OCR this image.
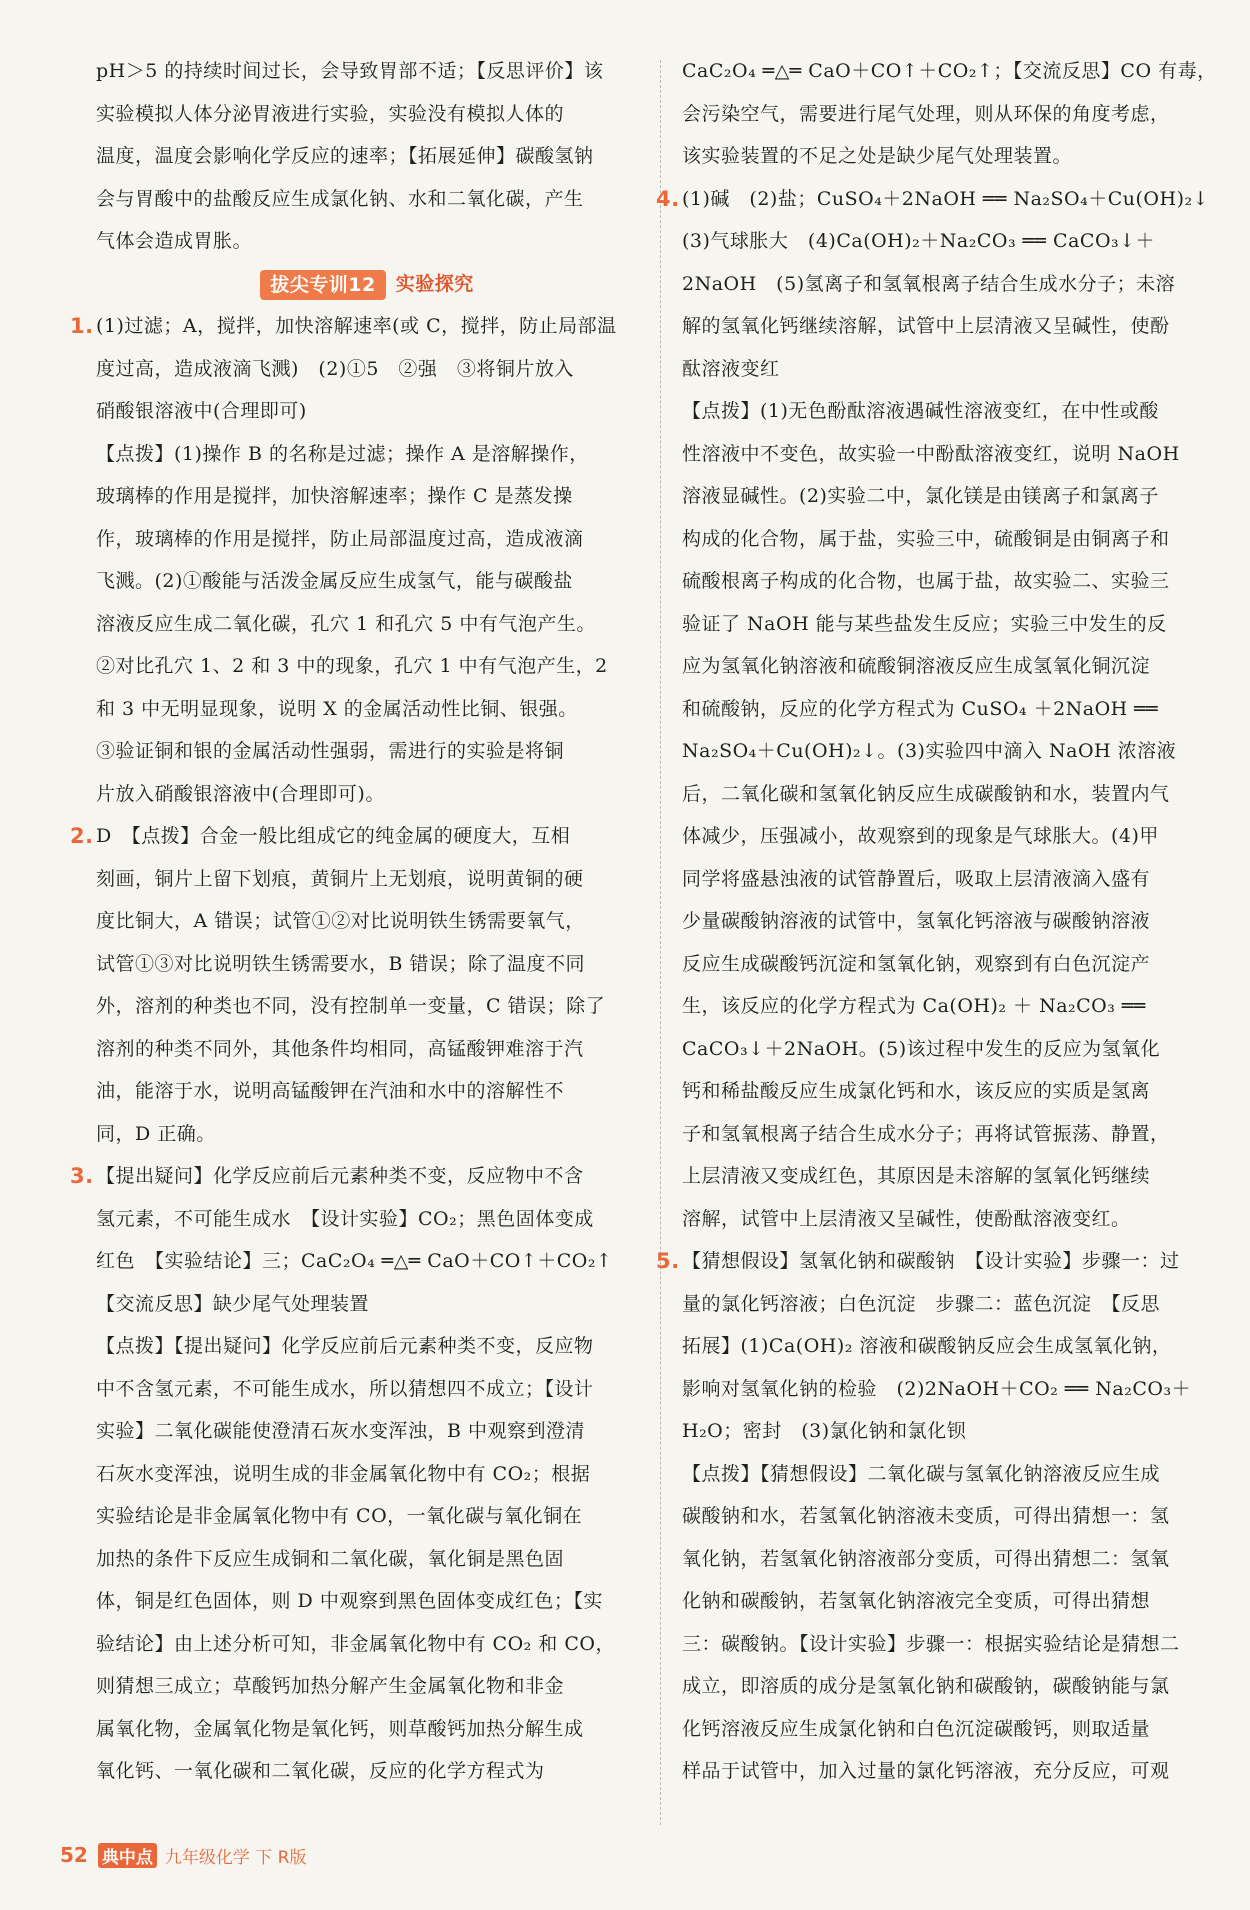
pH＞5 的持续时间过长，会导致胃部不适；【反思评价】该
实验模拟人体分泌胃液进行实验，实验没有模拟人体的
温度，温度会影响化学反应的速率；【拓展延伸】碳酸氢钠
会与胃酸中的盐酸反应生成氯化钠、水和二氧化碳，产生
气体会造成胃胀。
拔尖专训12 实验探究
1. (1)过滤；A，搅拌，加快溶解速率(或 C，搅拌，防止局部温
度过高，造成液滴飞溅)　(2)①5　②强　③将铜片放入
硝酸银溶液中(合理即可)
【点拨】(1)操作 B 的名称是过滤；操作 A 是溶解操作，
玻璃棒的作用是搅拌，加快溶解速率；操作 C 是蒸发操
作，玻璃棒的作用是搅拌，防止局部温度过高，造成液滴
飞溅。(2)①酸能与活泼金属反应生成氢气，能与碳酸盐
溶液反应生成二氧化碳，孔穴 1 和孔穴 5 中有气泡产生。
②对比孔穴 1、2 和 3 中的现象，孔穴 1 中有气泡产生，2
和 3 中无明显现象，说明 X 的金属活动性比铜、银强。
③验证铜和银的金属活动性强弱，需进行的实验是将铜
片放入硝酸银溶液中(合理即可)。
2. D　【点拨】合金一般比组成它的纯金属的硬度大，互相
刻画，铜片上留下划痕，黄铜片上无划痕，说明黄铜的硬
度比铜大，A 错误；试管①②对比说明铁生锈需要氧气，
试管①③对比说明铁生锈需要水，B 错误；除了温度不同
外，溶剂的种类也不同，没有控制单一变量，C 错误；除了
溶剂的种类不同外，其他条件均相同，高锰酸钾难溶于汽
油，能溶于水，说明高锰酸钾在汽油和水中的溶解性不
同，D 正确。
3. 【提出疑问】化学反应前后元素种类不变，反应物中不含
氢元素，不可能生成水　【设计实验】CO₂；黑色固体变成
红色　【实验结论】三；CaC₂O₄ ═△═ CaO＋CO↑＋CO₂↑
【交流反思】缺少尾气处理装置
【点拨】【提出疑问】化学反应前后元素种类不变，反应物
中不含氢元素，不可能生成水，所以猜想四不成立；【设计
实验】二氧化碳能使澄清石灰水变浑浊，B 中观察到澄清
石灰水变浑浊，说明生成的非金属氧化物中有 CO₂；根据
实验结论是非金属氧化物中有 CO，一氧化碳与氧化铜在
加热的条件下反应生成铜和二氧化碳，氧化铜是黑色固
体，铜是红色固体，则 D 中观察到黑色固体变成红色；【实
验结论】由上述分析可知，非金属氧化物中有 CO₂ 和 CO，
则猜想三成立；草酸钙加热分解产生金属氧化物和非金
属氧化物，金属氧化物是氧化钙，则草酸钙加热分解生成
氧化钙、一氧化碳和二氧化碳，反应的化学方程式为
CaC₂O₄ ═△═ CaO＋CO↑＋CO₂↑；【交流反思】CO 有毒，
会污染空气，需要进行尾气处理，则从环保的角度考虑，
该实验装置的不足之处是缺少尾气处理装置。
4. (1)碱　(2)盐；CuSO₄＋2NaOH ══ Na₂SO₄＋Cu(OH)₂↓
(3)气球胀大　(4)Ca(OH)₂＋Na₂CO₃ ══ CaCO₃↓＋
2NaOH　(5)氢离子和氢氧根离子结合生成水分子；未溶
解的氢氧化钙继续溶解，试管中上层清液又呈碱性，使酚
酞溶液变红
【点拨】(1)无色酚酞溶液遇碱性溶液变红，在中性或酸
性溶液中不变色，故实验一中酚酞溶液变红，说明 NaOH
溶液显碱性。(2)实验二中，氯化镁是由镁离子和氯离子
构成的化合物，属于盐，实验三中，硫酸铜是由铜离子和
硫酸根离子构成的化合物，也属于盐，故实验二、实验三
验证了 NaOH 能与某些盐发生反应；实验三中发生的反
应为氢氧化钠溶液和硫酸铜溶液反应生成氢氧化铜沉淀
和硫酸钠，反应的化学方程式为 CuSO₄ ＋2NaOH ══
Na₂SO₄＋Cu(OH)₂↓。(3)实验四中滴入 NaOH 浓溶液
后，二氧化碳和氢氧化钠反应生成碳酸钠和水，装置内气
体减少，压强减小，故观察到的现象是气球胀大。(4)甲
同学将盛悬浊液的试管静置后，吸取上层清液滴入盛有
少量碳酸钠溶液的试管中，氢氧化钙溶液与碳酸钠溶液
反应生成碳酸钙沉淀和氢氧化钠，观察到有白色沉淀产
生，该反应的化学方程式为 Ca(OH)₂ ＋ Na₂CO₃ ══
CaCO₃↓＋2NaOH。(5)该过程中发生的反应为氢氧化
钙和稀盐酸反应生成氯化钙和水，该反应的实质是氢离
子和氢氧根离子结合生成水分子；再将试管振荡、静置，
上层清液又变成红色，其原因是未溶解的氢氧化钙继续
溶解，试管中上层清液又呈碱性，使酚酞溶液变红。
5. 【猜想假设】氢氧化钠和碳酸钠　【设计实验】步骤一：过
量的氯化钙溶液；白色沉淀　步骤二：蓝色沉淀　【反思
拓展】(1)Ca(OH)₂ 溶液和碳酸钠反应会生成氢氧化钠，
影响对氢氧化钠的检验　(2)2NaOH＋CO₂ ══ Na₂CO₃＋
H₂O；密封　(3)氯化钠和氯化钡
【点拨】【猜想假设】二氧化碳与氢氧化钠溶液反应生成
碳酸钠和水，若氢氧化钠溶液未变质，可得出猜想一：氢
氧化钠，若氢氧化钠溶液部分变质，可得出猜想二：氢氧
化钠和碳酸钠，若氢氧化钠溶液完全变质，可得出猜想
三：碳酸钠。【设计实验】步骤一：根据实验结论是猜想二
成立，即溶质的成分是氢氧化钠和碳酸钠，碳酸钠能与氯
化钙溶液反应生成氯化钠和白色沉淀碳酸钙，则取适量
样品于试管中，加入过量的氯化钙溶液，充分反应，可观
52 典中点 九年级化学 下 R版
